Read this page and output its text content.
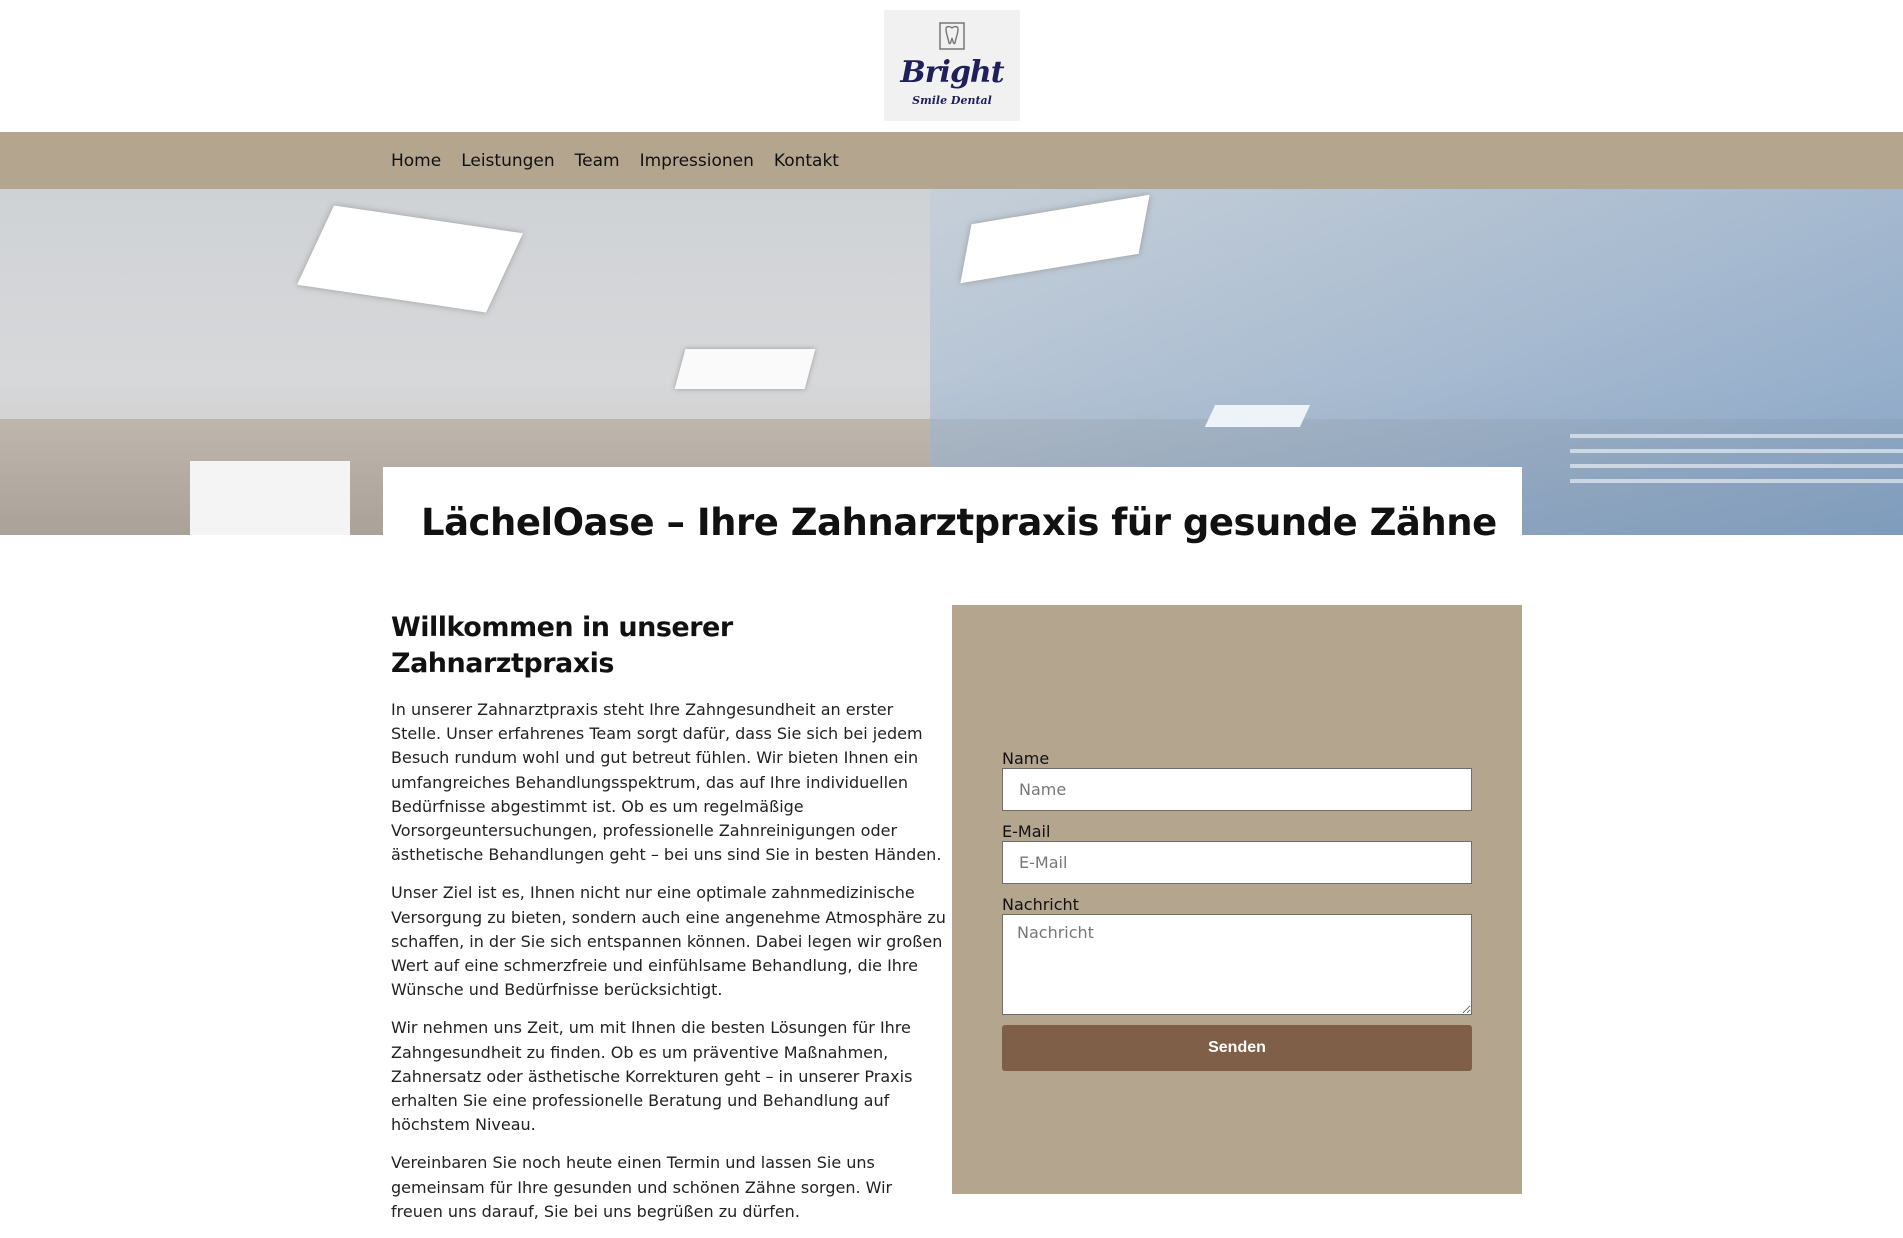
Bright
Smile Dental
Home Leistungen Team Impressionen Kontakt
LächelOase – Ihre Zahnarztpraxis für gesunde Zähne
Willkommen in unserer Zahnarztpraxis

In unserer Zahnarztpraxis steht Ihre Zahngesundheit an erster Stelle. Unser erfahrenes Team sorgt dafür, dass Sie sich bei jedem Besuch rundum wohl und gut betreut fühlen. Wir bieten Ihnen ein umfangreiches Behandlungsspektrum, das auf Ihre individuellen Bedürfnisse abgestimmt ist. Ob es um regelmäßige Vorsorgeuntersuchungen, professionelle Zahnreinigungen oder ästhetische Behandlungen geht – bei uns sind Sie in besten Händen.

Unser Ziel ist es, Ihnen nicht nur eine optimale zahnmedizinische Versorgung zu bieten, sondern auch eine angenehme Atmosphäre zu schaffen, in der Sie sich entspannen können. Dabei legen wir großen Wert auf eine schmerzfreie und einfühlsame Behandlung, die Ihre Wünsche und Bedürfnisse berücksichtigt.

Wir nehmen uns Zeit, um mit Ihnen die besten Lösungen für Ihre Zahngesundheit zu finden. Ob es um präventive Maßnahmen, Zahnersatz oder ästhetische Korrekturen geht – in unserer Praxis erhalten Sie eine professionelle Beratung und Behandlung auf höchstem Niveau.

Vereinbaren Sie noch heute einen Termin und lassen Sie uns gemeinsam für Ihre gesunden und schönen Zähne sorgen. Wir freuen uns darauf, Sie bei uns begrüßen zu dürfen.

Name
Name
E-Mail
E-Mail
Nachricht
Nachricht
Senden
